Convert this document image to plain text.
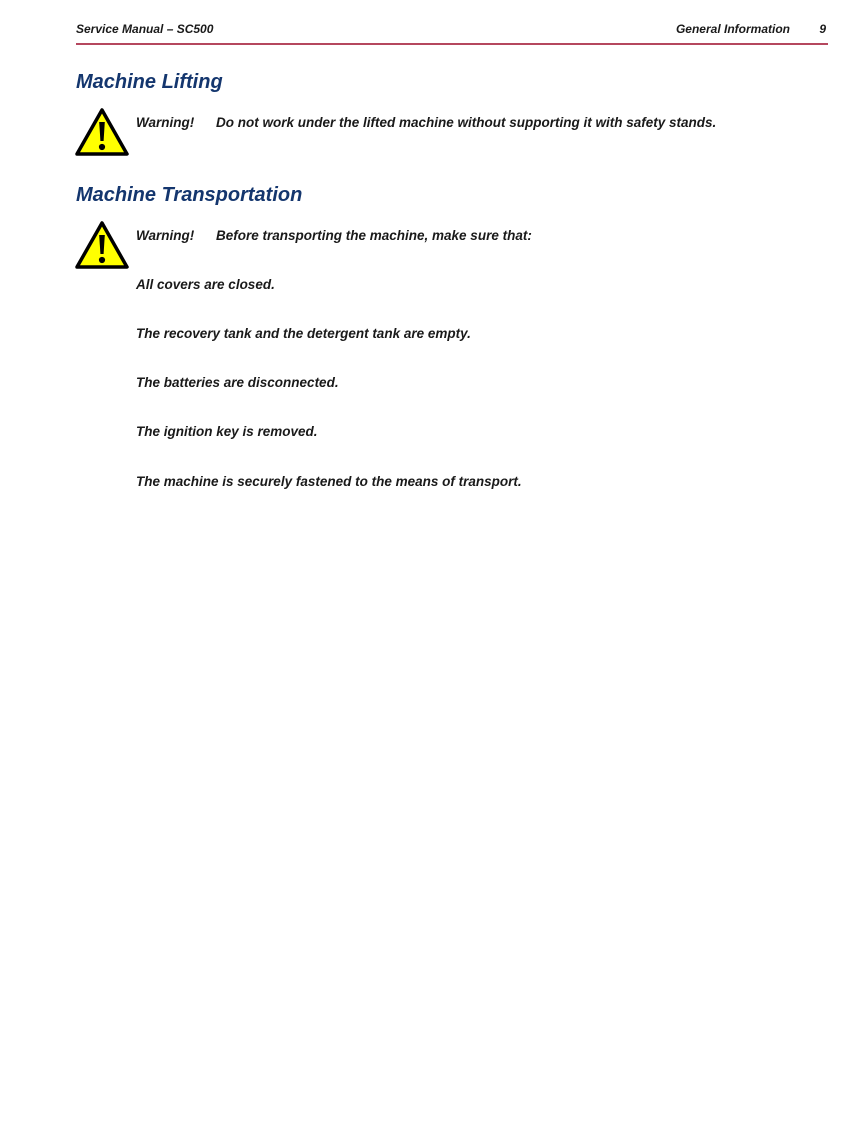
Service Manual – SC500	General Information 9
Machine Lifting
Warning! Do not work under the lifted machine without supporting it with safety stands.
Machine Transportation
Warning! Before transporting the machine, make sure that:
All covers are closed.
The recovery tank and the detergent tank are empty.
The batteries are disconnected.
The ignition key is removed.
The machine is securely fastened to the means of transport.
